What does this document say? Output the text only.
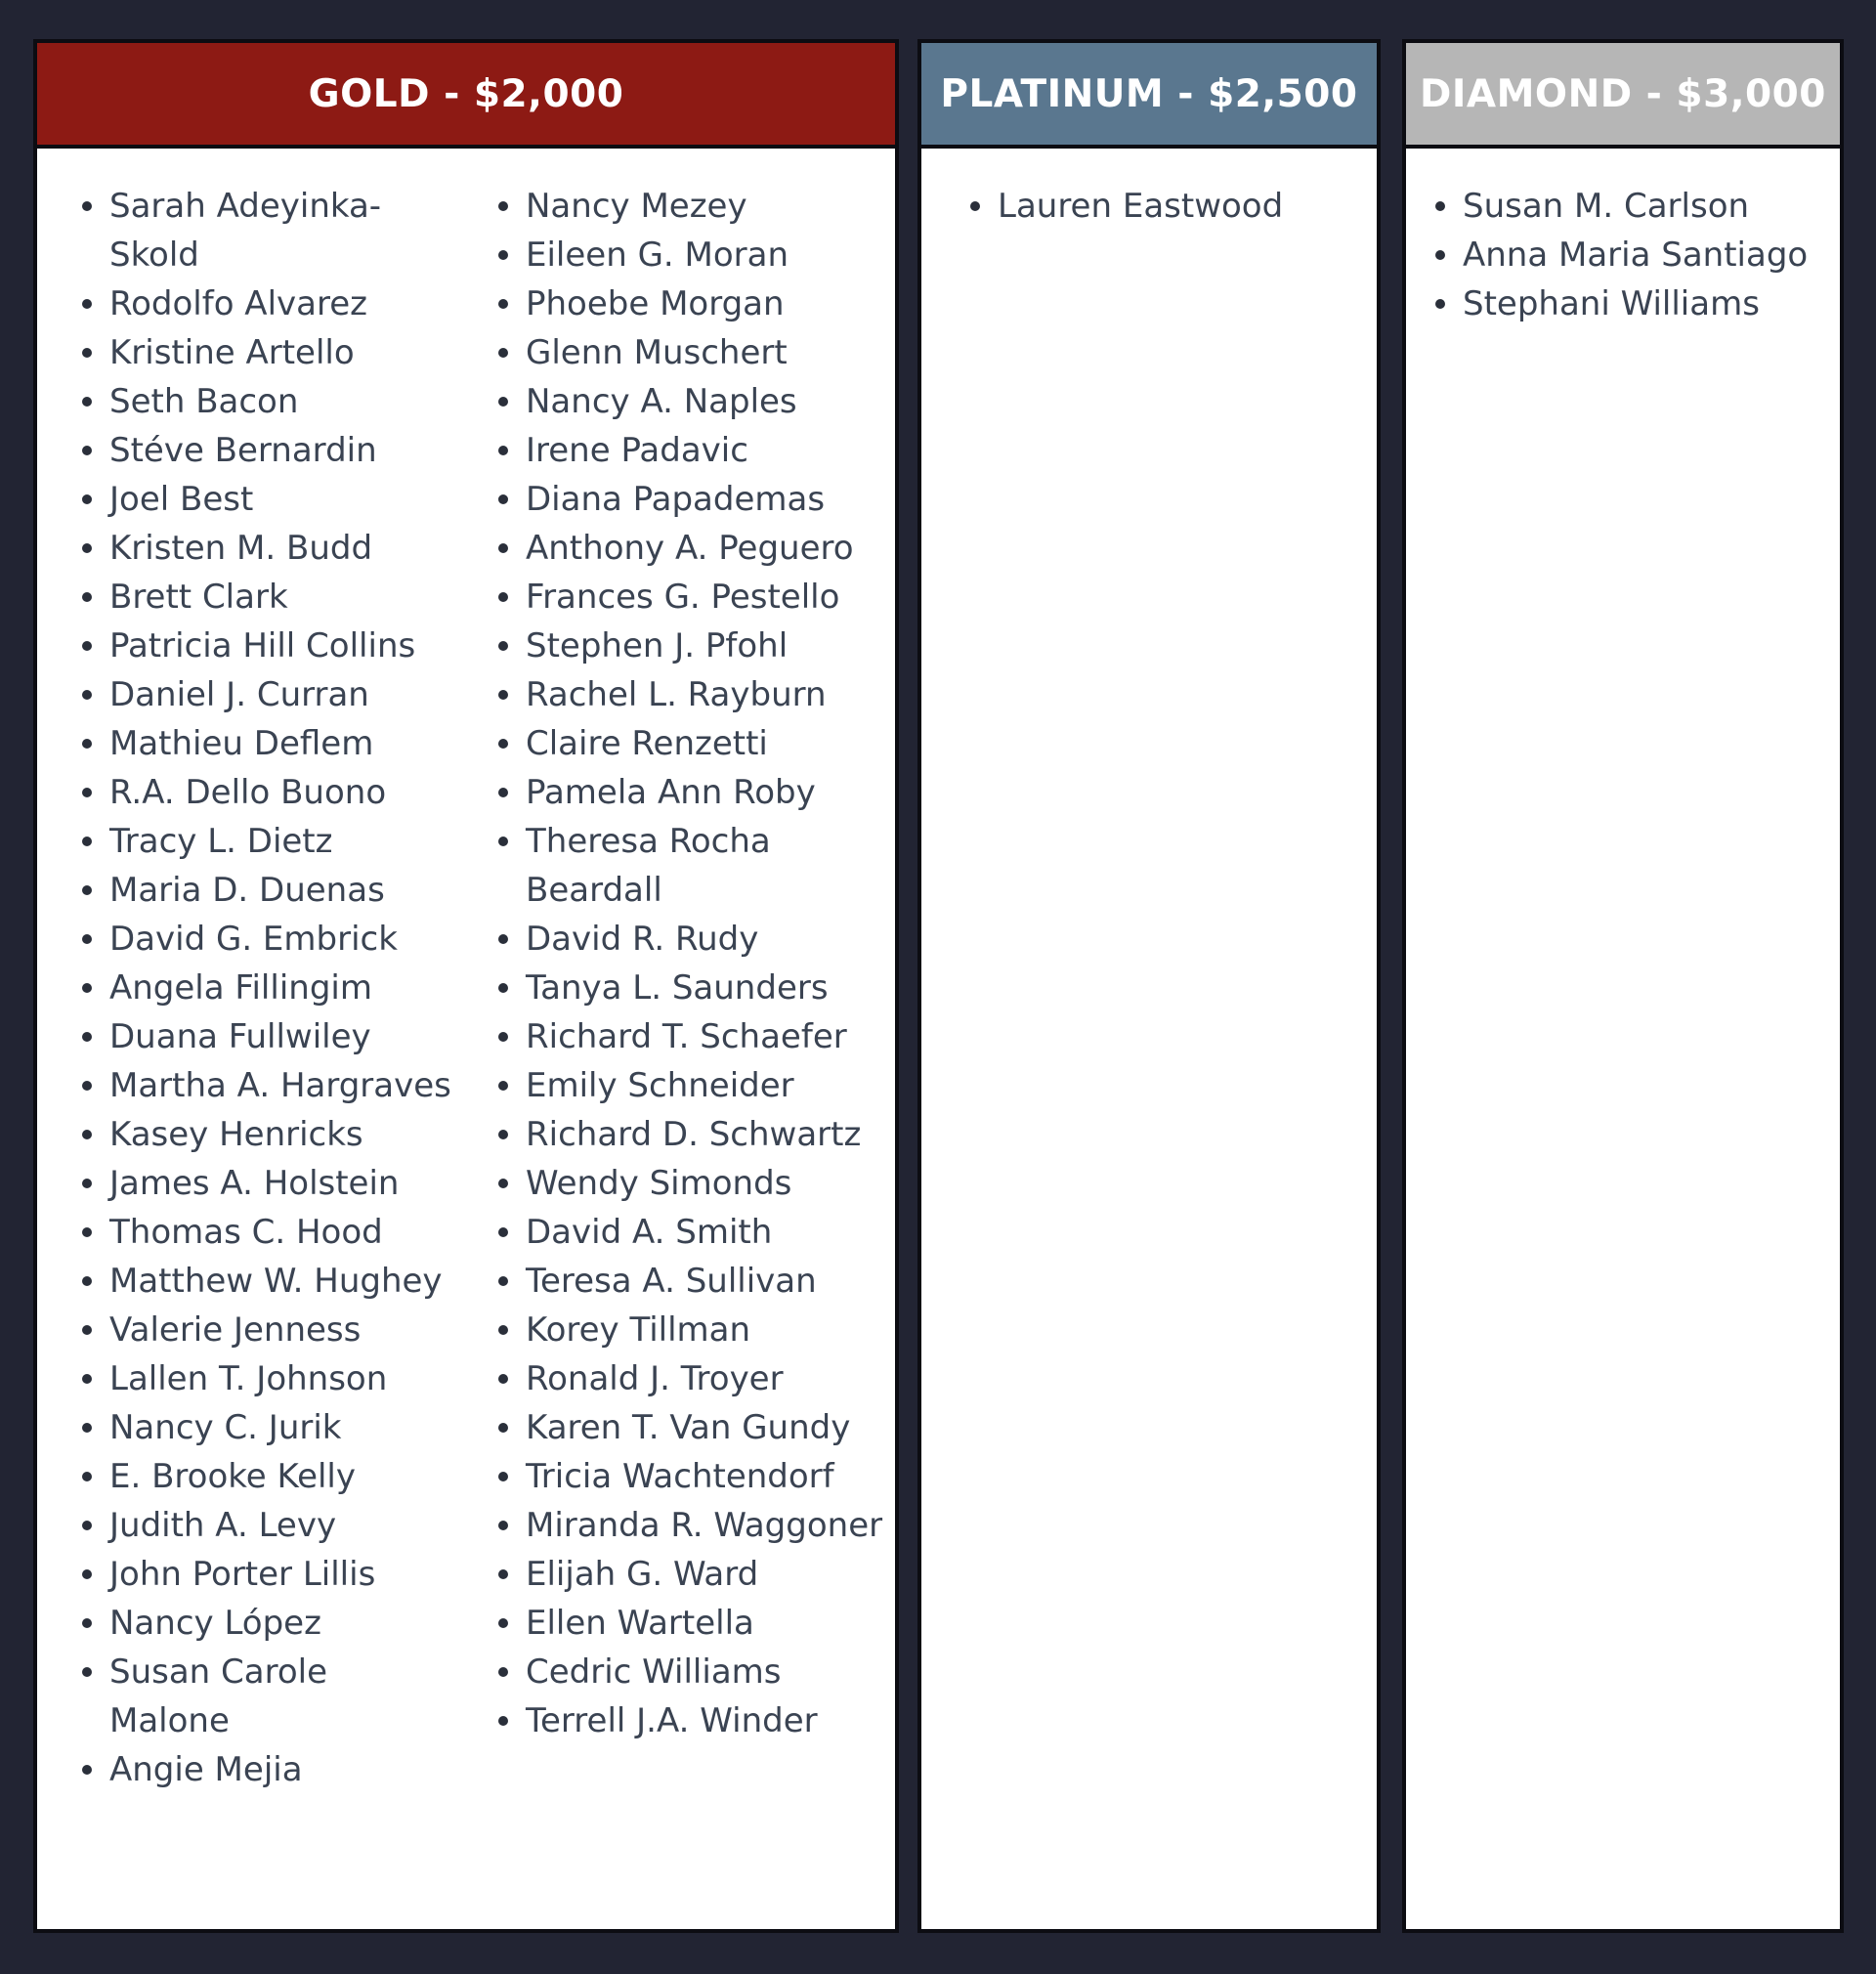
GOLD - $2,000
Sarah Adeyinka-Skold
Rodolfo Alvarez
Kristine Artello
Seth Bacon
Stéve Bernardin
Joel Best
Kristen M. Budd
Brett Clark
Patricia Hill Collins
Daniel J. Curran
Mathieu Deflem
R.A. Dello Buono
Tracy L. Dietz
Maria D. Duenas
David G. Embrick
Angela Fillingim
Duana Fullwiley
Martha A. Hargraves
Kasey Henricks
James A. Holstein
Thomas C. Hood
Matthew W. Hughey
Valerie Jenness
Lallen T. Johnson
Nancy C. Jurik
E. Brooke Kelly
Judith A. Levy
John Porter Lillis
Nancy López
Susan Carole Malone
Angie Mejia
Nancy Mezey
Eileen G. Moran
Phoebe Morgan
Glenn Muschert
Nancy A. Naples
Irene Padavic
Diana Papademas
Anthony A. Peguero
Frances G. Pestello
Stephen J. Pfohl
Rachel L. Rayburn
Claire Renzetti
Pamela Ann Roby
Theresa Rocha Beardall
David R. Rudy
Tanya L. Saunders
Richard T. Schaefer
Emily Schneider
Richard D. Schwartz
Wendy Simonds
David A. Smith
Teresa A. Sullivan
Korey Tillman
Ronald J. Troyer
Karen T. Van Gundy
Tricia Wachtendorf
Miranda R. Waggoner
Elijah G. Ward
Ellen Wartella
Cedric Williams
Terrell J.A. Winder
PLATINUM - $2,500
Lauren Eastwood
DIAMOND - $3,000
Susan M. Carlson
Anna Maria Santiago
Stephani Williams
